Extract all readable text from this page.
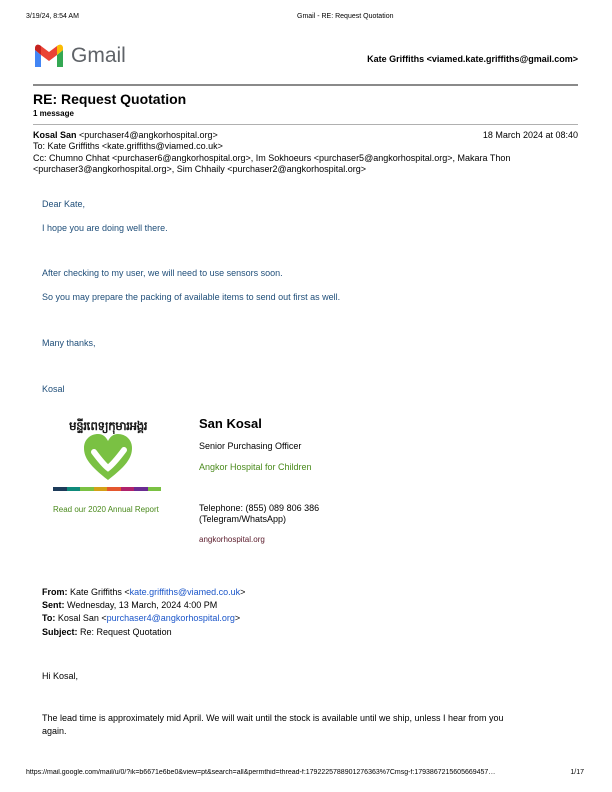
3/19/24, 8:54 AM	Gmail - RE: Request Quotation
Gmail	Kate Griffiths <viamed.kate.griffiths@gmail.com>
RE: Request Quotation
1 message
Kosal San <purchaser4@angkorhospital.org>	18 March 2024 at 08:40
To: Kate Griffiths <kate.griffiths@viamed.co.uk>
Cc: Chumno Chhat <purchaser6@angkorhospital.org>, Im Sokhoeurs <purchaser5@angkorhospital.org>, Makara Thon
<purchaser3@angkorhospital.org>, Sim Chhaily <purchaser2@angkorhospital.org>
Dear Kate,
I hope you are doing well there.
After checking to my user, we will need to use sensors soon.
So you may prepare the packing of available items to send out first as well.
Many thanks,
Kosal
មន្ទីរពេទ្យកុមារអង្គរ
Read our 2020 Annual Report
San Kosal
Senior Purchasing Officer
Angkor Hospital for Children
Telephone: (855) 089 806 386
(Telegram/WhatsApp)
angkorhospital.org
From: Kate Griffiths <kate.griffiths@viamed.co.uk>
Sent: Wednesday, 13 March, 2024 4:00 PM
To: Kosal San <purchaser4@angkorhospital.org>
Subject: Re: Request Quotation
Hi Kosal,
The lead time is approximately mid April. We will wait until the stock is available until we ship, unless I hear from you
again.
https://mail.google.com/mail/u/0/?ik=b6671e6be0&view=pt&search=all&permthid=thread-f:1792225788901276363%7Cmsg-f:1793867215605669457…	1/17
